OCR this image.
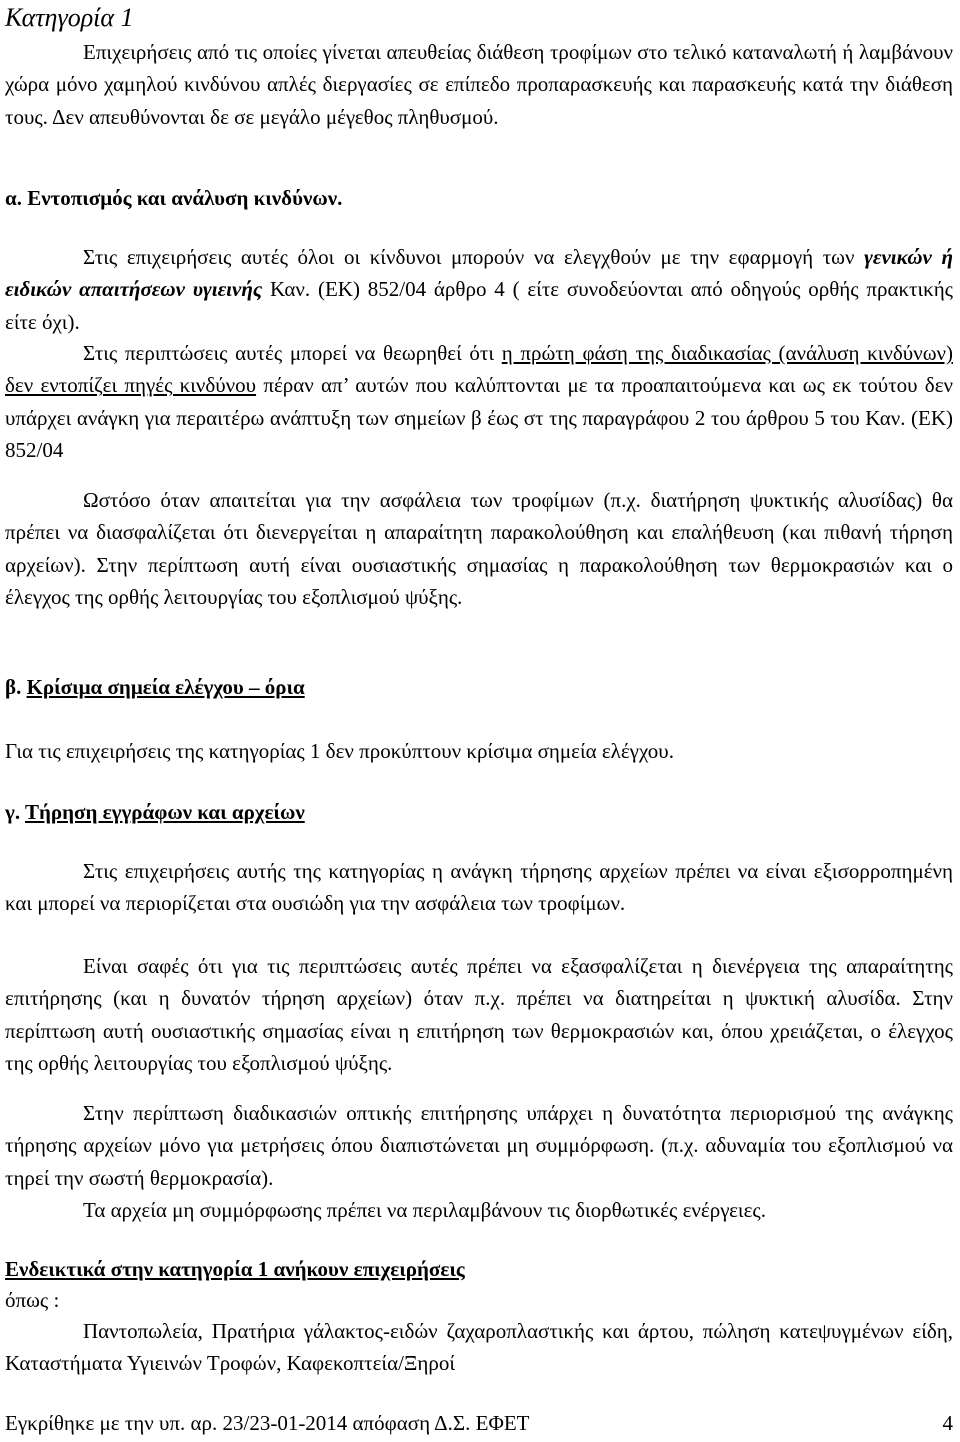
Κατηγορία 1
Επιχειρήσεις από τις οποίες γίνεται απευθείας διάθεση τροφίμων στο τελικό καταναλωτή ή λαμβάνουν χώρα μόνο χαμηλού κινδύνου απλές διεργασίες σε επίπεδο προπαρασκευής και παρασκευής κατά την διάθεση τους. Δεν απευθύνονται δε σε μεγάλο μέγεθος πληθυσμού.
α. Εντοπισμός και ανάλυση κινδύνων.
Στις επιχειρήσεις αυτές όλοι οι κίνδυνοι μπορούν να ελεγχθούν με την εφαρμογή των γενικών ή ειδικών απαιτήσεων υγιεινής Καν. (ΕΚ) 852/04 άρθρο 4 ( είτε συνοδεύονται από οδηγούς ορθής πρακτικής είτε όχι).
Στις περιπτώσεις αυτές μπορεί να θεωρηθεί ότι η πρώτη φάση της διαδικασίας (ανάλυση κινδύνων) δεν εντοπίζει πηγές κινδύνου πέραν απ’ αυτών που καλύπτονται με τα προαπαιτούμενα και ως εκ τούτου δεν υπάρχει ανάγκη για περαιτέρω ανάπτυξη των σημείων β έως στ της παραγράφου 2 του άρθρου 5 του Καν. (ΕΚ) 852/04
Ωστόσο όταν απαιτείται για την ασφάλεια των τροφίμων (π.χ. διατήρηση ψυκτικής αλυσίδας) θα πρέπει να διασφαλίζεται ότι διενεργείται η απαραίτητη παρακολούθηση και επαλήθευση (και πιθανή τήρηση αρχείων). Στην περίπτωση αυτή είναι ουσιαστικής σημασίας η παρακολούθηση των θερμοκρασιών και ο έλεγχος της ορθής λειτουργίας του εξοπλισμού ψύξης.
β. Κρίσιμα σημεία ελέγχου – όρια
Για τις επιχειρήσεις της κατηγορίας 1 δεν προκύπτουν κρίσιμα σημεία ελέγχου.
γ. Τήρηση εγγράφων και αρχείων
Στις επιχειρήσεις αυτής της κατηγορίας η ανάγκη τήρησης αρχείων πρέπει να είναι εξισορροπημένη και μπορεί να περιορίζεται στα ουσιώδη για την ασφάλεια των τροφίμων.
Είναι σαφές ότι για τις περιπτώσεις αυτές πρέπει να εξασφαλίζεται η διενέργεια της απαραίτητης επιτήρησης (και η δυνατόν τήρηση αρχείων) όταν π.χ. πρέπει να διατηρείται η ψυκτική αλυσίδα. Στην περίπτωση αυτή ουσιαστικής σημασίας είναι η επιτήρηση των θερμοκρασιών και, όπου χρειάζεται, ο έλεγχος της ορθής λειτουργίας του εξοπλισμού ψύξης.
Στην περίπτωση διαδικασιών οπτικής επιτήρησης υπάρχει η δυνατότητα περιορισμού της ανάγκης τήρησης αρχείων μόνο για μετρήσεις όπου διαπιστώνεται μη συμμόρφωση. (π.χ. αδυναμία του εξοπλισμού να τηρεί την σωστή θερμοκρασία).
Τα αρχεία μη συμμόρφωσης πρέπει να περιλαμβάνουν τις διορθωτικές ενέργειες.
Ενδεικτικά στην κατηγορία 1 ανήκουν επιχειρήσεις
όπως :
Παντοπωλεία, Πρατήρια γάλακτος-ειδών ζαχαροπλαστικής και άρτου, πώληση κατεψυγμένων είδη, Καταστήματα Υγιεινών Τροφών, Καφεκοπτεία/Ξηροί
Εγκρίθηκε με την υπ. αρ. 23/23-01-2014 απόφαση Δ.Σ. ΕΦΕΤ	4
